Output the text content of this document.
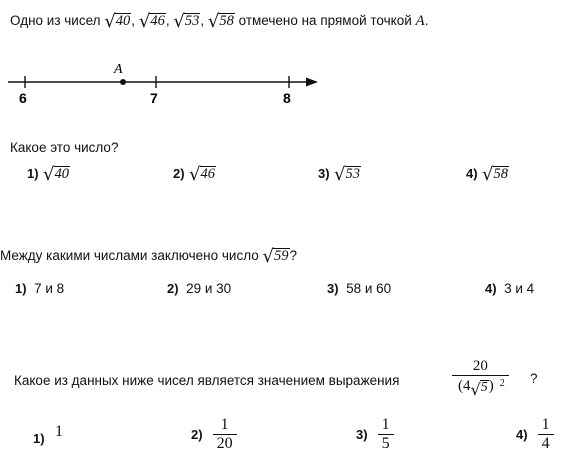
Одно из чисел √ 40 , √ 46 , √ 53 , √ 58 отмечено на прямой точкой A.
A
6	7	8
Какое это число?
1) √ 40	2) √ 46	3) √ 53	4) √ 58
Между какими числами заключено число √ 59 ?
1) 7 и 8	2) 29 и 30	3) 58 и 60	4) 3 и 4
Какое из данных ниже чисел является значением выражения	$\frac{20}{(4 √ 5 ) ^2}$ ?
$_{1)}$ 1	$2) \frac{1}{20}$	$3) \frac{1}{5}$	$4) \frac{1}{4}$
